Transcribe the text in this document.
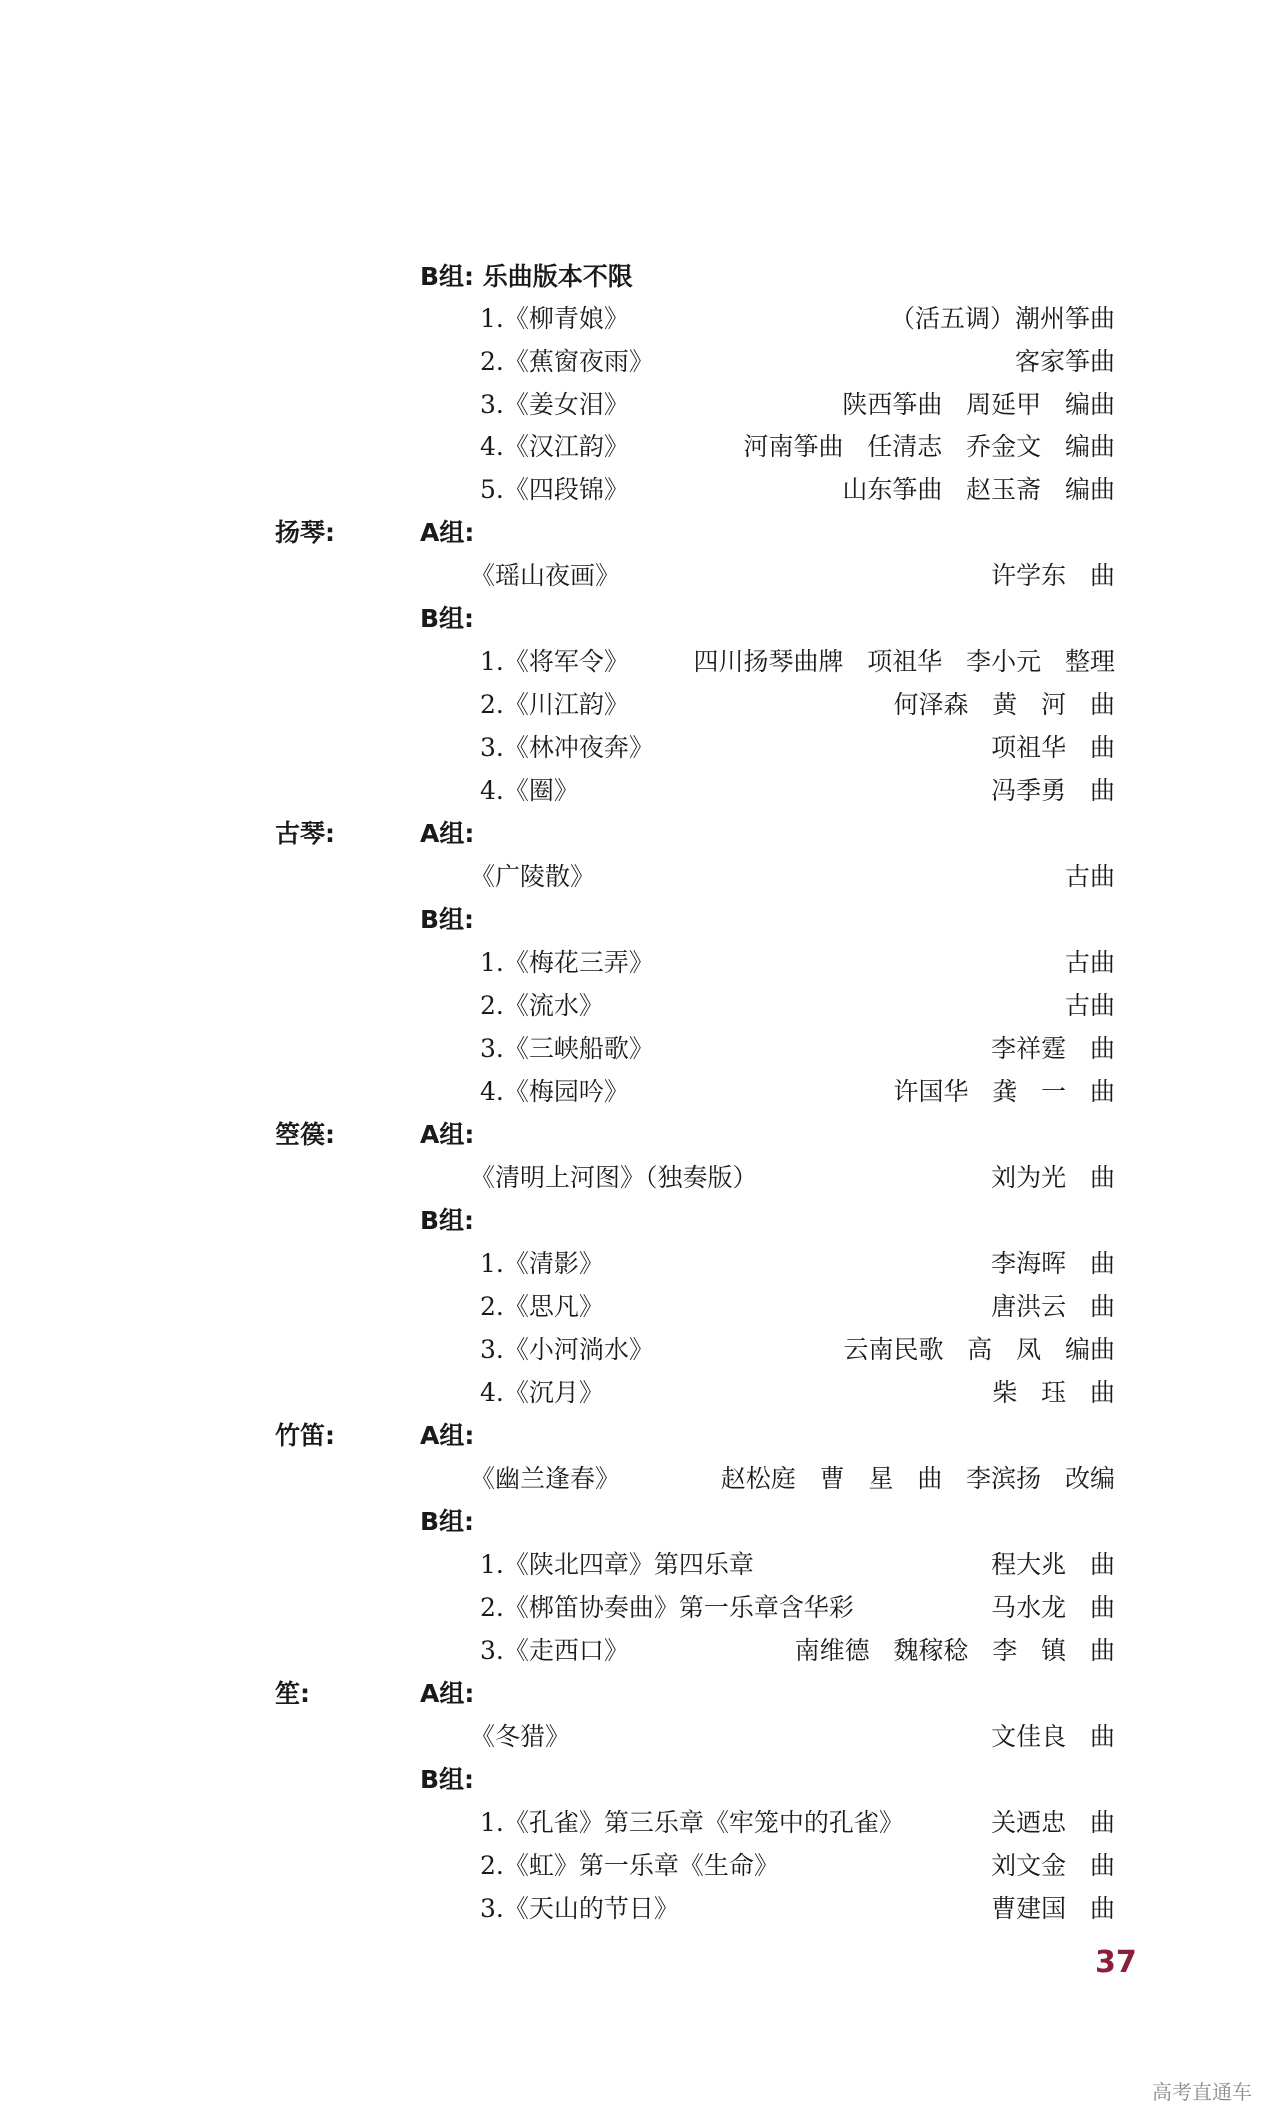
B组: 乐曲版本不限
1.《柳青娘》	（活五调）潮州筝曲
2.《蕉窗夜雨》	客家筝曲
3.《姜女泪》	陕西筝曲   周延甲   编曲
4.《汉江韵》	河南筝曲   任清志   乔金文   编曲
5.《四段锦》	山东筝曲   赵玉斋   编曲
扬琴:	A组:
《瑶山夜画》	许学东   曲
B组:
1.《将军令》	四川扬琴曲牌   项祖华   李小元   整理
2.《川江韵》	何泽森   黄   河   曲
3.《林冲夜奔》	项祖华   曲
4.《圈》	冯季勇   曲
古琴:	A组:
《广陵散》	古曲
B组:
1.《梅花三弄》	古曲
2.《流水》	古曲
3.《三峡船歌》	李祥霆   曲
4.《梅园吟》	许国华   龚   一   曲
箜篌:	A组:
《清明上河图》（独奏版）	刘为光   曲
B组:
1.《清影》	李海晖   曲
2.《思凡》	唐洪云   曲
3.《小河淌水》	云南民歌   高   凤   编曲
4.《沉月》	柴   珏   曲
竹笛:	A组:
《幽兰逢春》	赵松庭   曹   星   曲   李滨扬   改编
B组:
1.《陕北四章》第四乐章	程大兆   曲
2.《梆笛协奏曲》第一乐章含华彩	马水龙   曲
3.《走西口》	南维德   魏稼稔   李   镇   曲
笙:	A组:
《冬猎》	文佳良   曲
B组:
1.《孔雀》第三乐章《牢笼中的孔雀》	关迺忠   曲
2.《虹》第一乐章《生命》	刘文金   曲
3.《天山的节日》	曹建国   曲
37
高考直通车
